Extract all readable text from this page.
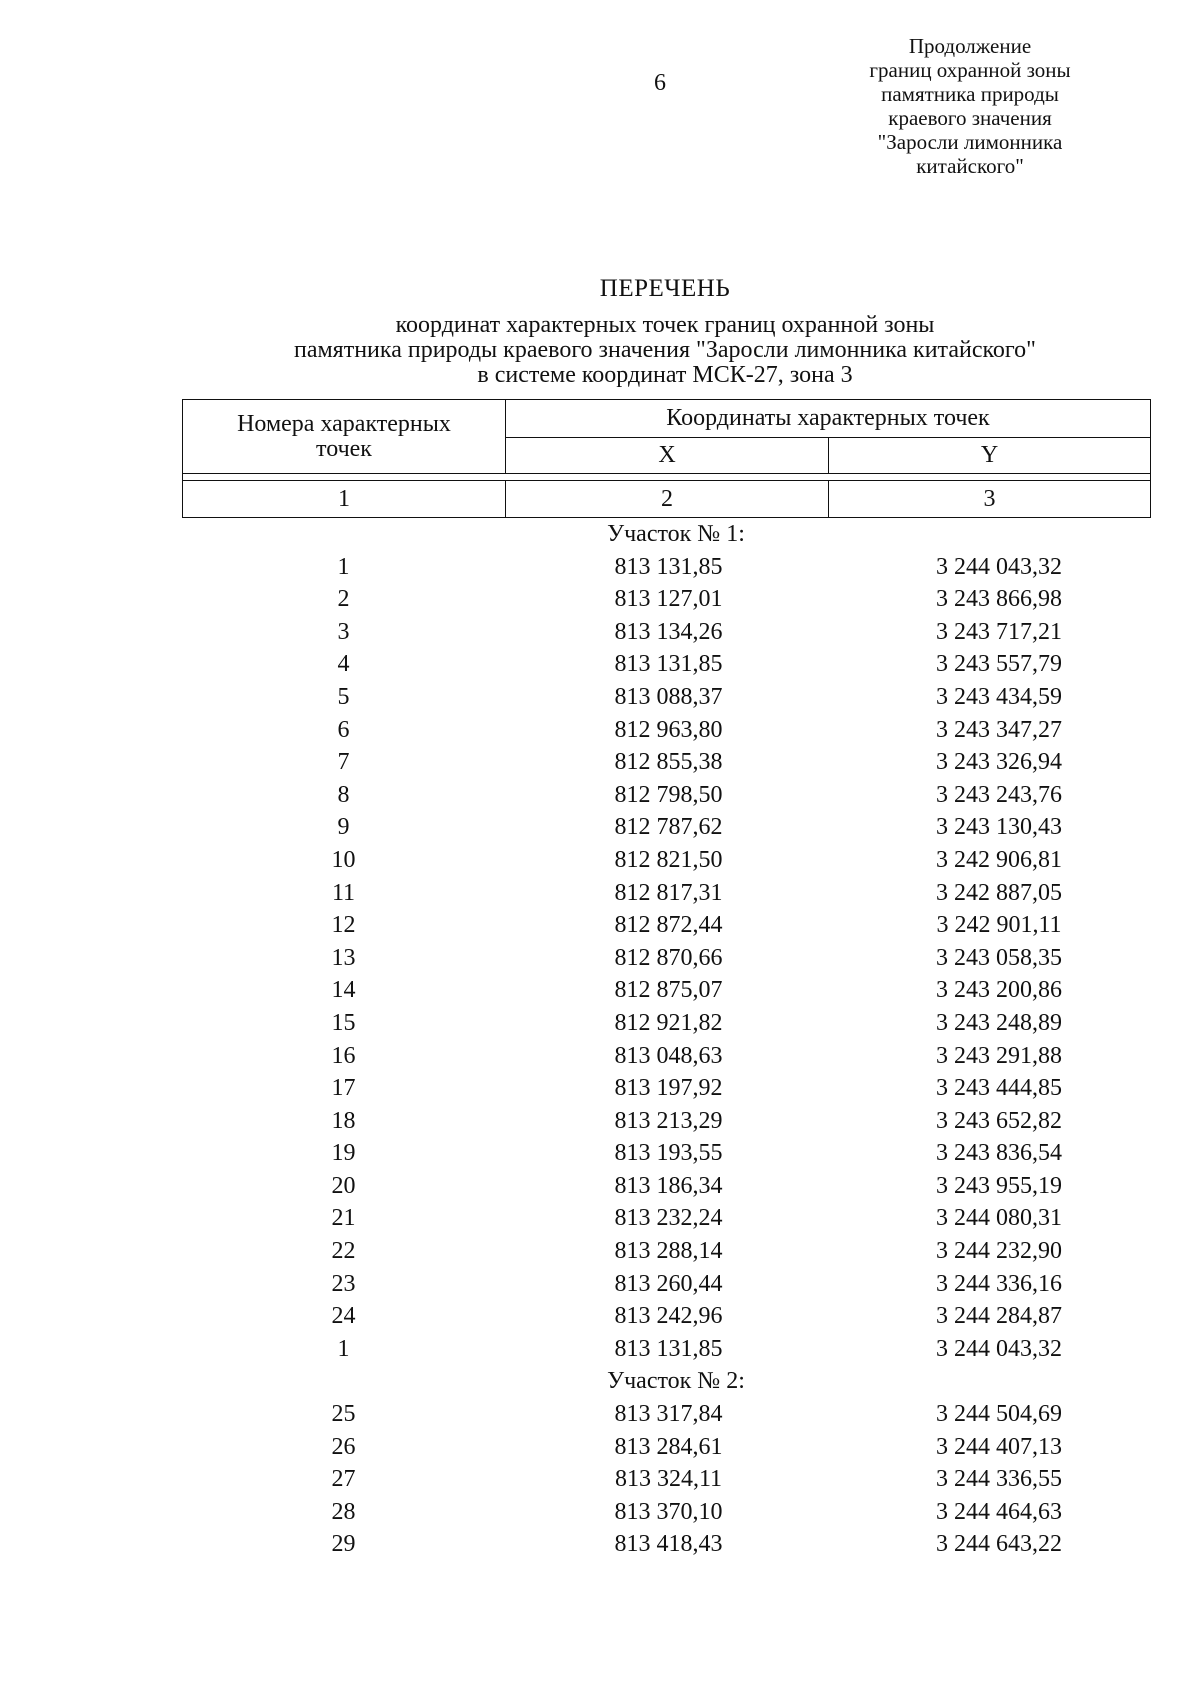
6
Продолжение
границ охранной зоны
памятника природы
краевого значения
"Заросли лимонника
китайского"
ПЕРЕЧЕНЬ
координат характерных точек границ охранной зоны
памятника природы краевого значения "Заросли лимонника китайского"
в системе координат МСК-27, зона 3
Номера характерных точек	Координаты характерных точек	
	X	Y

1	2	3
Участок № 1:
1	813 131,85	3 244 043,32
2	813 127,01	3 243 866,98
3	813 134,26	3 243 717,21
4	813 131,85	3 243 557,79
5	813 088,37	3 243 434,59
6	812 963,80	3 243 347,27
7	812 855,38	3 243 326,94
8	812 798,50	3 243 243,76
9	812 787,62	3 243 130,43
10	812 821,50	3 242 906,81
11	812 817,31	3 242 887,05
12	812 872,44	3 242 901,11
13	812 870,66	3 243 058,35
14	812 875,07	3 243 200,86
15	812 921,82	3 243 248,89
16	813 048,63	3 243 291,88
17	813 197,92	3 243 444,85
18	813 213,29	3 243 652,82
19	813 193,55	3 243 836,54
20	813 186,34	3 243 955,19
21	813 232,24	3 244 080,31
22	813 288,14	3 244 232,90
23	813 260,44	3 244 336,16
24	813 242,96	3 244 284,87
1	813 131,85	3 244 043,32
Участок № 2:
25	813 317,84	3 244 504,69
26	813 284,61	3 244 407,13
27	813 324,11	3 244 336,55
28	813 370,10	3 244 464,63
29	813 418,43	3 244 643,22
